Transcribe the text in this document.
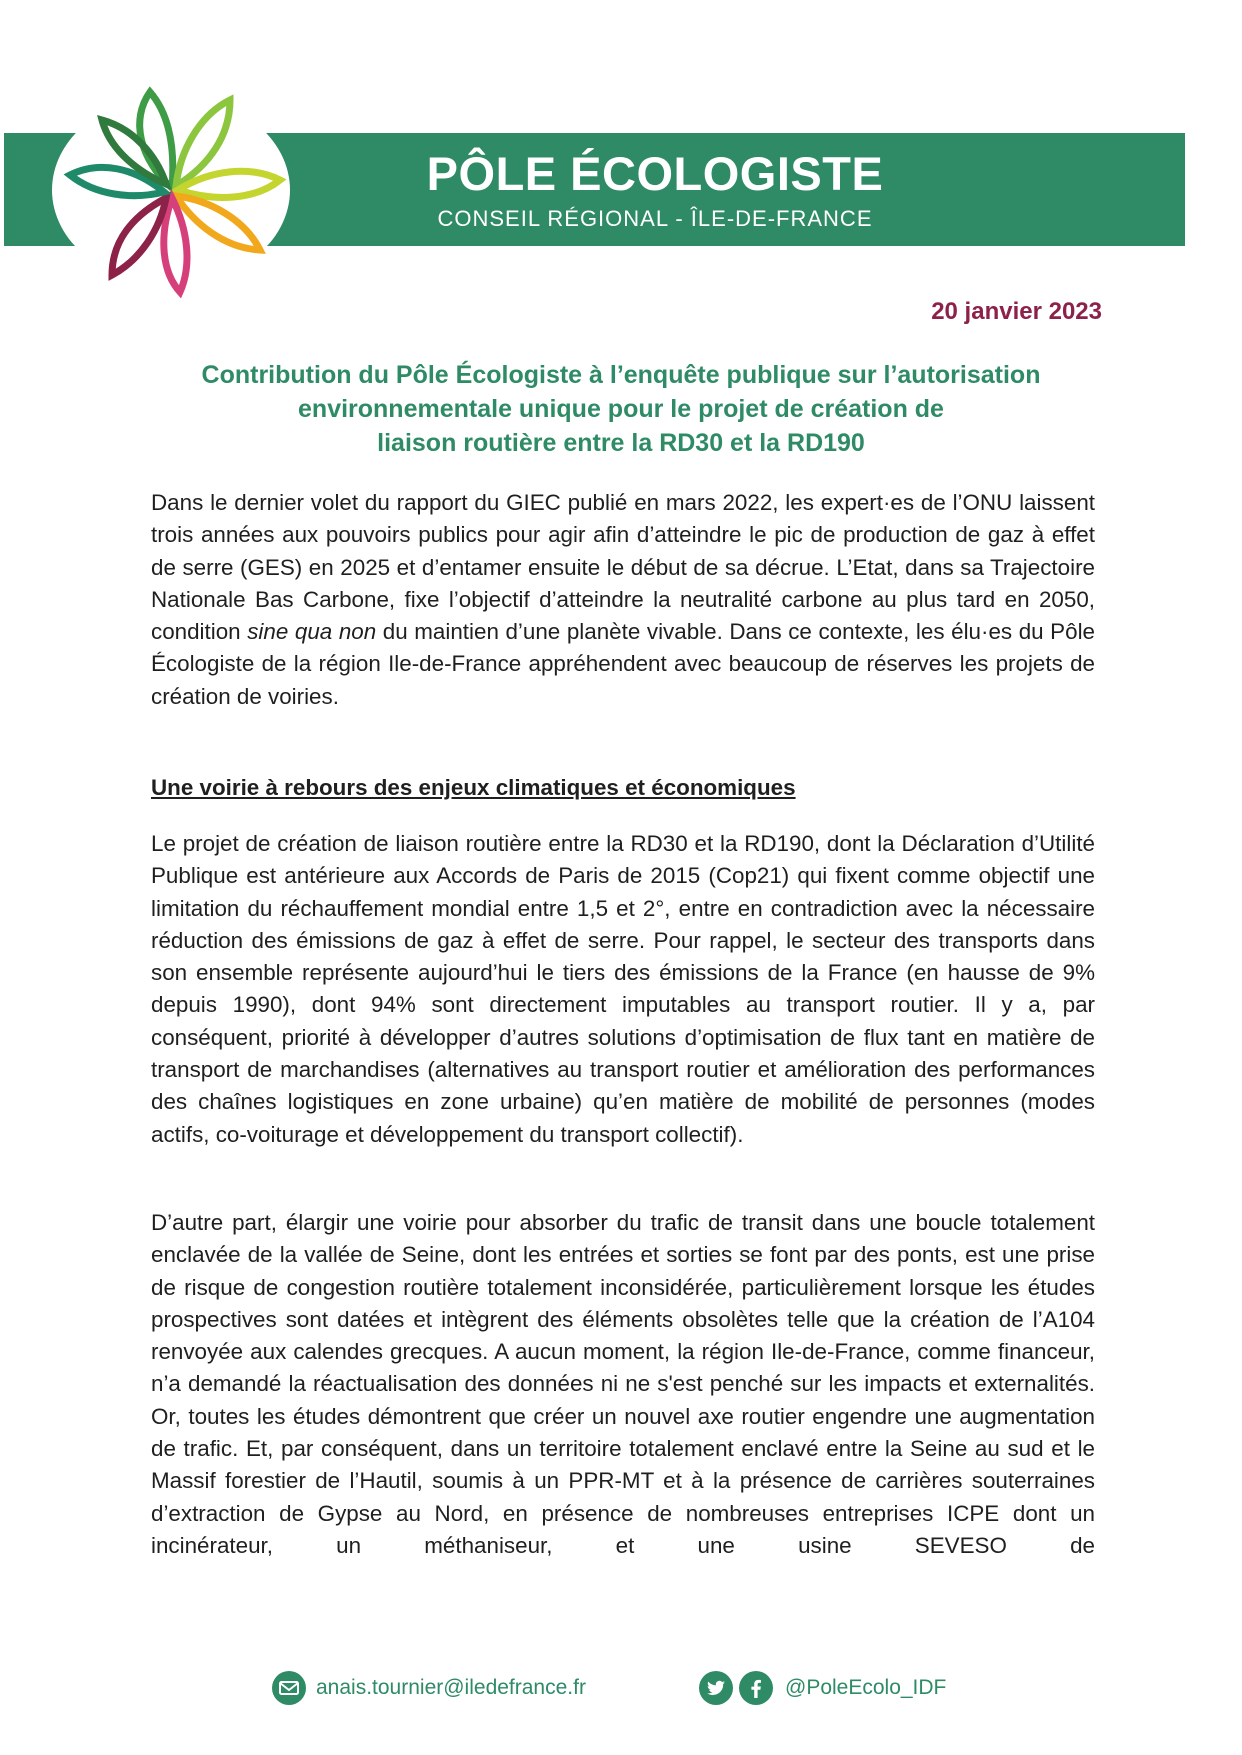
PÔLE ÉCOLOGISTE
CONSEIL RÉGIONAL - ÎLE-DE-FRANCE
20 janvier 2023
Contribution du Pôle Écologiste à l’enquête publique sur l’autorisation
environnementale unique pour le projet de création de
liaison routière entre la RD30 et la RD190

Dans le dernier volet du rapport du GIEC publié en mars 2022, les expert·es de l’ONU laissent trois années aux pouvoirs publics pour agir afin d’atteindre le pic de production de gaz à effet de serre (GES) en 2025 et d’entamer ensuite le début de sa décrue. L’Etat, dans sa Trajectoire Nationale Bas Carbone, fixe l’objectif d’atteindre la neutralité carbone au plus tard en 2050, condition sine qua non du maintien d’une planète vivable. Dans ce contexte, les élu·es du Pôle Écologiste de la région Ile-de-France appréhendent avec beaucoup de réserves les projets de création de voiries.

Une voirie à rebours des enjeux climatiques et économiques

Le projet de création de liaison routière entre la RD30 et la RD190, dont la Déclaration d’Utilité Publique est antérieure aux Accords de Paris de 2015 (Cop21) qui fixent comme objectif une limitation du réchauffement mondial entre 1,5 et 2°, entre en contradiction avec la nécessaire réduction des émissions de gaz à effet de serre. Pour rappel, le secteur des transports dans son ensemble représente aujourd’hui le tiers des émissions de la France (en hausse de 9% depuis 1990), dont 94% sont directement imputables au transport routier. Il y a, par conséquent, priorité à développer d’autres solutions d’optimisation de flux tant en matière de transport de marchandises (alternatives au transport routier et amélioration des performances des chaînes logistiques en zone urbaine) qu’en matière de mobilité de personnes (modes actifs, co-voiturage et développement du transport collectif).

D’autre part, élargir une voirie pour absorber du trafic de transit dans une boucle totalement enclavée de la vallée de Seine, dont les entrées et sorties se font par des ponts, est une prise de risque de congestion routière totalement inconsidérée, particulièrement lorsque les études prospectives sont datées et intègrent des éléments obsolètes telle que la création de l’A104 renvoyée aux calendes grecques. A aucun moment, la région Ile-de-France, comme financeur, n’a demandé la réactualisation des données ni ne s'est penché sur les impacts et externalités. Or, toutes les études démontrent que créer un nouvel axe routier engendre une augmentation de trafic. Et, par conséquent, dans un territoire totalement enclavé entre la Seine au sud et le Massif forestier de l’Hautil, soumis à un PPR-MT et à la présence de carrières souterraines d’extraction de Gypse au Nord, en présence de nombreuses entreprises ICPE dont un incinérateur, un méthaniseur, et une usine SEVESO de

anais.tournier@iledefrance.fr	@PoleEcolo_IDF
